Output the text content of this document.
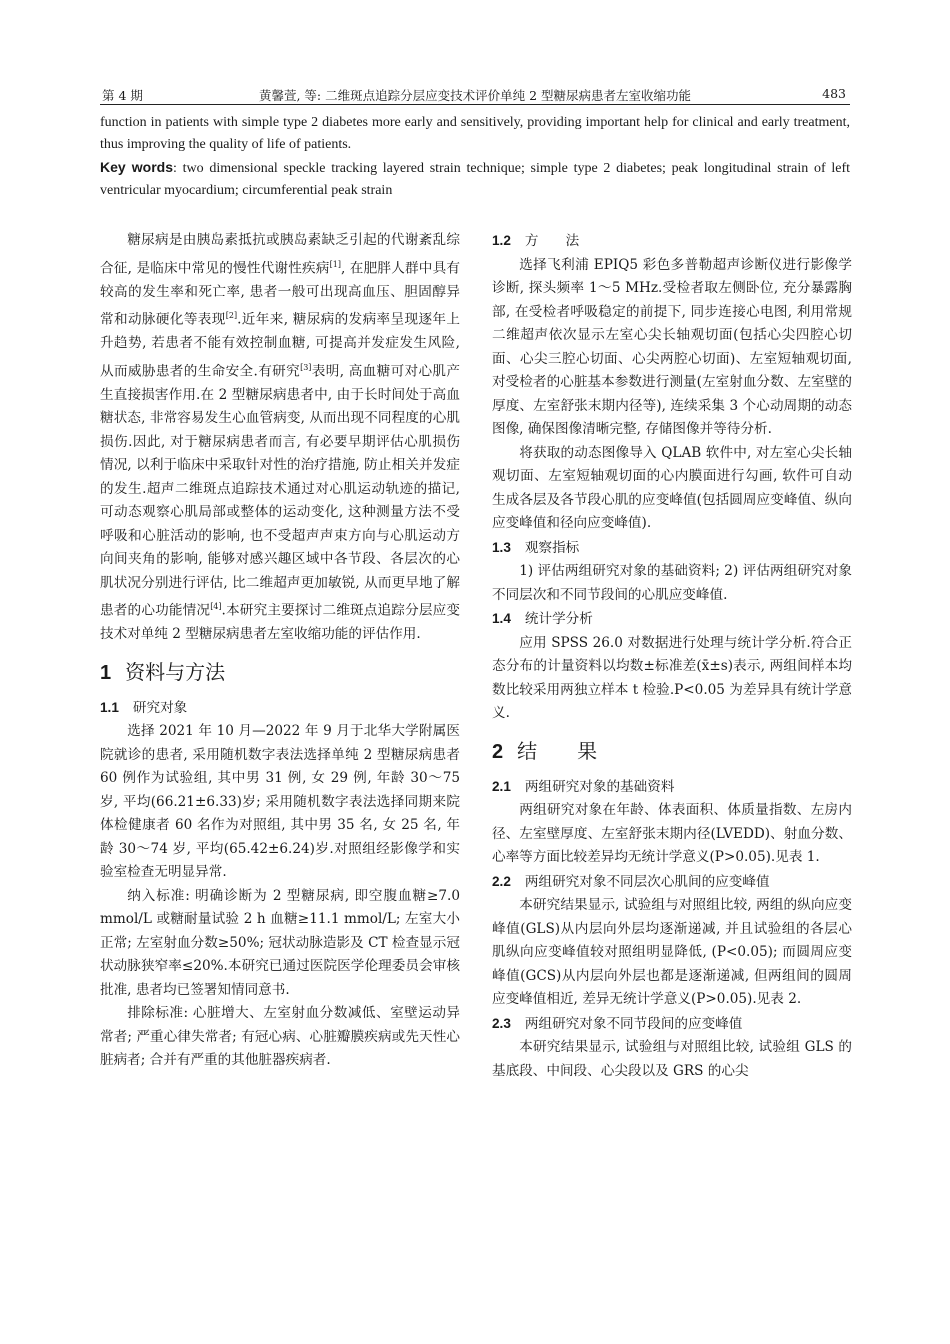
第 4 期	黄馨萱, 等: 二维斑点追踪分层应变技术评价单纯 2 型糖尿病患者左室收缩功能	483

function in patients with simple type 2 diabetes more early and sensitively, providing important help for clinical and early treatment, thus improving the quality of life of patients.

Key words: two dimensional speckle tracking layered strain technique; simple type 2 diabetes; peak longitudinal strain of left ventricular myocardium; circumferential peak strain

糖尿病是由胰岛素抵抗或胰岛素缺乏引起的代谢紊乱综合征, 是临床中常见的慢性代谢性疾病[1], 在肥胖人群中具有较高的发生率和死亡率, 患者一般可出现高血压、胆固醇异常和动脉硬化等表现[2].近年来, 糖尿病的发病率呈现逐年上升趋势, 若患者不能有效控制血糖, 可提高并发症发生风险, 从而威胁患者的生命安全.有研究[3]表明, 高血糖可对心肌产生直接损害作用.在 2 型糖尿病患者中, 由于长时间处于高血糖状态, 非常容易发生心血管病变, 从而出现不同程度的心肌损伤.因此, 对于糖尿病患者而言, 有必要早期评估心肌损伤情况, 以利于临床中采取针对性的治疗措施, 防止相关并发症的发生.超声二维斑点追踪技术通过对心肌运动轨迹的描记, 可动态观察心肌局部或整体的运动变化, 这种测量方法不受呼吸和心脏活动的影响, 也不受超声声束方向与心肌运动方向间夹角的影响, 能够对感兴趣区域中各节段、各层次的心肌状况分别进行评估, 比二维超声更加敏锐, 从而更早地了解患者的心功能情况[4].本研究主要探讨二维斑点追踪分层应变技术对单纯 2 型糖尿病患者左室收缩功能的评估作用.

1 资料与方法
1.1 研究对象

选择 2021 年 10 月—2022 年 9 月于北华大学附属医院就诊的患者, 采用随机数字表法选择单纯 2 型糖尿病患者 60 例作为试验组, 其中男 31 例, 女 29 例, 年龄 30～75 岁, 平均(66.21±6.33)岁; 采用随机数字表法选择同期来院体检健康者 60 名作为对照组, 其中男 35 名, 女 25 名, 年龄 30～74 岁, 平均(65.42±6.24)岁.对照组经影像学和实验室检查无明显异常.

纳入标准: 明确诊断为 2 型糖尿病, 即空腹血糖≥7.0 mmol/L 或糖耐量试验 2 h 血糖≥11.1 mmol/L; 左室大小正常; 左室射血分数≥50%; 冠状动脉造影及 CT 检查显示冠状动脉狭窄率≤20%.本研究已通过医院医学伦理委员会审核批准, 患者均已签署知情同意书.

排除标准: 心脏增大、左室射血分数减低、室壁运动异常者; 严重心律失常者; 有冠心病、心脏瓣膜疾病或先天性心脏病者; 合并有严重的其他脏器疾病者.

1.2 方　　法

选择飞利浦 EPIQ5 彩色多普勒超声诊断仪进行影像学诊断, 探头频率 1～5 MHz.受检者取左侧卧位, 充分暴露胸部, 在受检者呼吸稳定的前提下, 同步连接心电图, 利用常规二维超声依次显示左室心尖长轴观切面(包括心尖四腔心切面、心尖三腔心切面、心尖两腔心切面)、左室短轴观切面, 对受检者的心脏基本参数进行测量(左室射血分数、左室壁的厚度、左室舒张末期内径等), 连续采集 3 个心动周期的动态图像, 确保图像清晰完整, 存储图像并等待分析.

将获取的动态图像导入 QLAB 软件中, 对左室心尖长轴观切面、左室短轴观切面的心内膜面进行勾画, 软件可自动生成各层及各节段心肌的应变峰值(包括圆周应变峰值、纵向应变峰值和径向应变峰值).

1.3 观察指标

1) 评估两组研究对象的基础资料; 2) 评估两组研究对象不同层次和不同节段间的心肌应变峰值.

1.4 统计学分析

应用 SPSS 26.0 对数据进行处理与统计学分析.符合正态分布的计量资料以均数±标准差(x̄±s)表示, 两组间样本均数比较采用两独立样本 t 检验.P<0.05 为差异具有统计学意义.

2 结　　果
2.1 两组研究对象的基础资料

两组研究对象在年龄、体表面积、体质量指数、左房内径、左室壁厚度、左室舒张末期内径(LVEDD)、射血分数、心率等方面比较差异均无统计学意义(P>0.05).见表 1.

2.2 两组研究对象不同层次心肌间的应变峰值

本研究结果显示, 试验组与对照组比较, 两组的纵向应变峰值(GLS)从内层向外层均逐渐递减, 并且试验组的各层心肌纵向应变峰值较对照组明显降低, (P<0.05); 而圆周应变峰值(GCS)从内层向外层也都是逐渐递减, 但两组间的圆周应变峰值相近, 差异无统计学意义(P>0.05).见表 2.

2.3 两组研究对象不同节段间的应变峰值

本研究结果显示, 试验组与对照组比较, 试验组 GLS 的基底段、中间段、心尖段以及 GRS 的心尖
